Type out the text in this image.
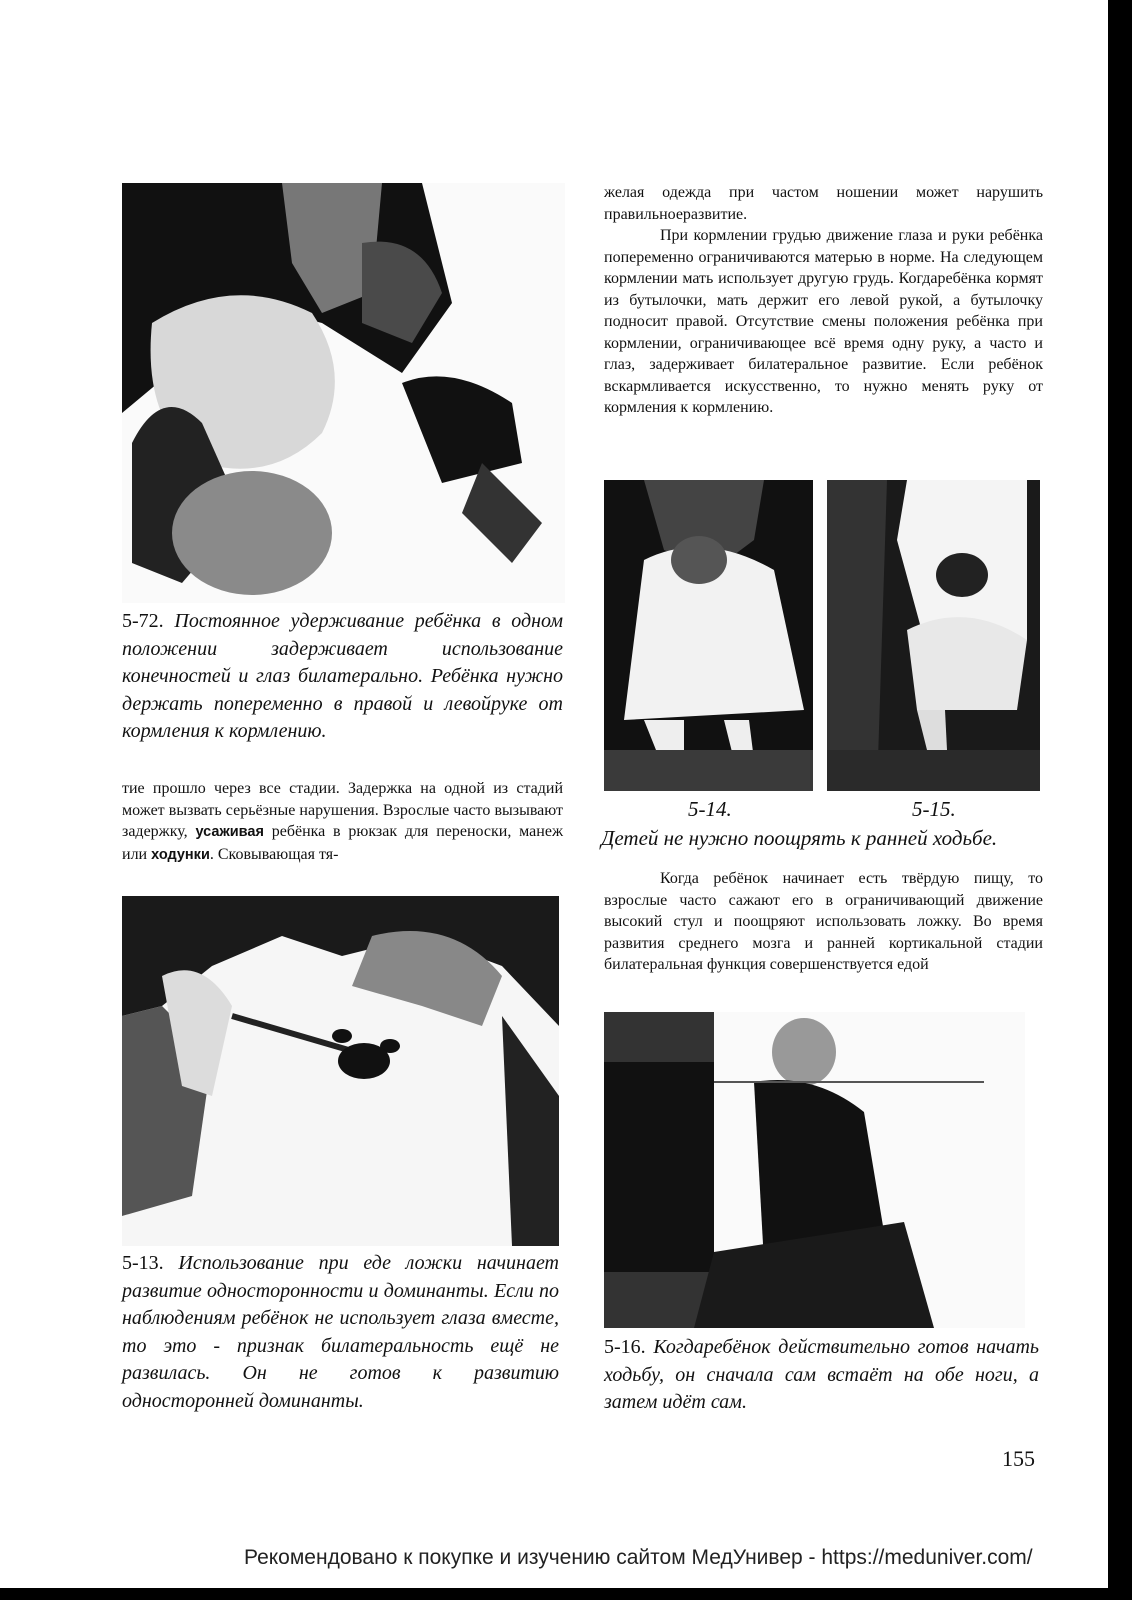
5-72. Постоянное удерживание ребёнка в одном положении задерживает использование конечностей и глаз билатерально. Ребёнка нужно держать попеременно в правой и левойруке от кормления к кормлению.

тие прошло через все стадии. Задержка на одной из стадий может вызвать серьёзные нарушения. Взрослые часто вызывают задержку, усаживая ребёнка в рюкзак для переноски, манеж или ходунки. Сковывающая тя-

5-13. Использование при еде ложки начинает развитие односторонности и доминанты. Если по наблюдениям ребёнок не использует глаза вместе, то это - признак билатеральность ещё не развилась. Он не готов к развитию односторонней доминанты.

желая одежда при частом ношении может нарушить правильноеразвитие.

При кормлении грудью движение глаза и руки ребёнка попеременно ограничиваются матерью в норме. На следующем кормлении мать использует другую грудь. Когдаребёнка кормят из бутылочки, мать держит его левой рукой, а бутылочку подносит правой. Отсутствие смены положения ребёнка при кормлении, ограничивающее всё время одну руку, а часто и глаз, задерживает билатеральное развитие. Если ребёнок вскармливается искусственно, то нужно менять руку от кормления к кормлению.

5-14.	5-15.
Детей не нужно поощрять к ранней ходьбе.

Когда ребёнок начинает есть твёрдую пищу, то взрослые часто сажают его в ограничивающий движение высокий стул и поощряют использовать ложку. Во время развития среднего мозга и ранней кортикальной стадии билатеральная функция совершенствуется едой

5-16. Когдаребёнок действительно готов начать ходьбу, он сначала сам встаёт на обе ноги, а затем идёт сам.

155
Рекомендовано к покупке и изучению сайтом МедУнивер - https://meduniver.com/
